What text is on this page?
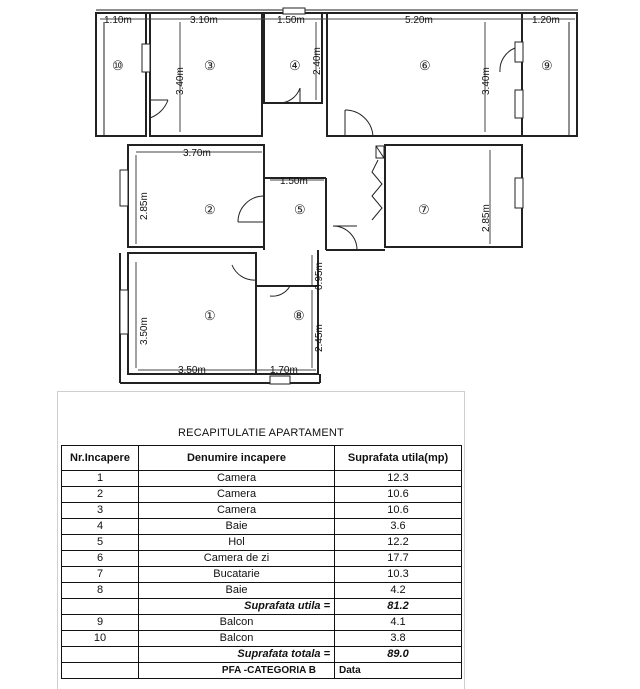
1.10m	3.10m	1.50m	5.20m	1.20m
3.70m
1.50m
3.50m	1.70m
3.40m
2.40m
3.40m
2.85m	2.85m
0.95m
3.50m	2.45m
⑩	③	④	⑥	⑨
②	⑤	⑦
①	⑧
RECAPITULATIE APARTAMENT
Nr.Incapere	Denumire incapere	Suprafata utila(mp)
1	Camera	12.3
2	Camera	10.6
3	Camera	10.6
4	Baie	3.6
5	Hol	12.2
6	Camera de zi	17.7
7	Bucatarie	10.3
8	Baie	4.2
	Suprafata utila =	81.2
9	Balcon	4.1
10	Balcon	3.8
	Suprafata totala =	89.0
	PFA -CATEGORIA B	Data
